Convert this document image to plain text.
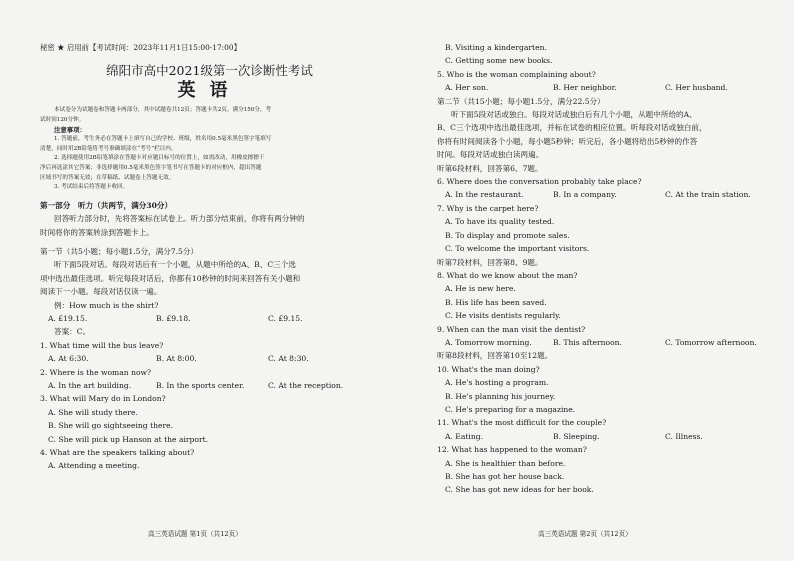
秘密 ★ 启用前【考试时间：2023年11月1日15:00-17:00】
绵阳市高中2021级第一次诊断性考试
英语
本试卷分为试题卷和答题卡两部分，其中试题卷共12页；答题卡共2页。满分150分，考
试时间120分钟。
注意事项：
1. 答题前，考生务必在答题卡上填写自己的学校、班级，姓名用0.5毫米黑色签字笔填写
清楚，同时用2B铅笔将考号准确填涂在“考号”栏目内。
2. 选择题使用2B铅笔填涂在答题卡对应题目标号的位置上，如需改动，用橡皮擦擦干
净后再选涂其它答案；非选择题用0.5毫米黑色签字笔书写在答题卡的对应框内，超出答题
区域书写的答案无效；在草稿纸、试题卷上答题无效。
3. 考试结束后将答题卡收回。
第一部分　听力（共两节，满分30分）
回答听力部分时，先将答案标在试卷上。听力部分结束前，你将有两分钟的
时间将你的答案转涂到答题卡上。
第一节（共5小题；每小题1.5分，满分7.5分）
听下面5段对话。每段对话后有一个小题，从题中所给的A、B、C三个选
项中选出最佳选项。听完每段对话后，你都有10秒钟的时间来回答有关小题和
阅读下一小题。每段对话仅读一遍。
例：How much is the shirt?
A. £19.15.	B. £9.18.	C. £9.15.
答案：C。
1. What time will the bus leave?
A. At 6:30.	B. At 8:00.	C. At 8:30.
2. Where is the woman now?
A. In the art building.	B. In the sports center.	C. At the reception.
3. What will Mary do in London?
A. She will study there.
B. She will go sightseeing there.
C. She will pick up Hanson at the airport.
4. What are the speakers talking about?
A. Attending a meeting.
高三英语试题 第1页（共12页）
B. Visiting a kindergarten.
C. Getting some new books.
5. Who is the woman complaining about?
A. Her son.	B. Her neighbor.	C. Her husband.
第二节（共15小题；每小题1.5分，满分22.5分）
听下面5段对话或独白。每段对话或独白后有几个小题，从题中所给的A、
B、C三个选项中选出最佳选项，并标在试卷的相应位置。听每段对话或独白前，
你将有时间阅读各个小题，每小题5秒钟；听完后，各小题将给出5秒钟的作答
时间。每段对话或独白读两遍。
听第6段材料，回答第6、7题。
6. Where does the conversation probably take place?
A. In the restaurant.	B. In a company.	C. At the train station.
7. Why is the carpet here?
A. To have its quality tested.
B. To display and promote sales.
C. To welcome the important visitors.
听第7段材料，回答第8、9题。
8. What do we know about the man?
A. He is new here.
B. His life has been saved.
C. He visits dentists regularly.
9. When can the man visit the dentist?
A. Tomorrow morning.	B. This afternoon.	C. Tomorrow afternoon.
听第8段材料，回答第10至12题。
10. What's the man doing?
A. He's hosting a program.
B. He's planning his journey.
C. He's preparing for a magazine.
11. What's the most difficult for the couple?
A. Eating.	B. Sleeping.	C. Illness.
12. What has happened to the woman?
A. She is healthier than before.
B. She has got her house back.
C. She has got new ideas for her book.
高三英语试题 第2页（共12页）
